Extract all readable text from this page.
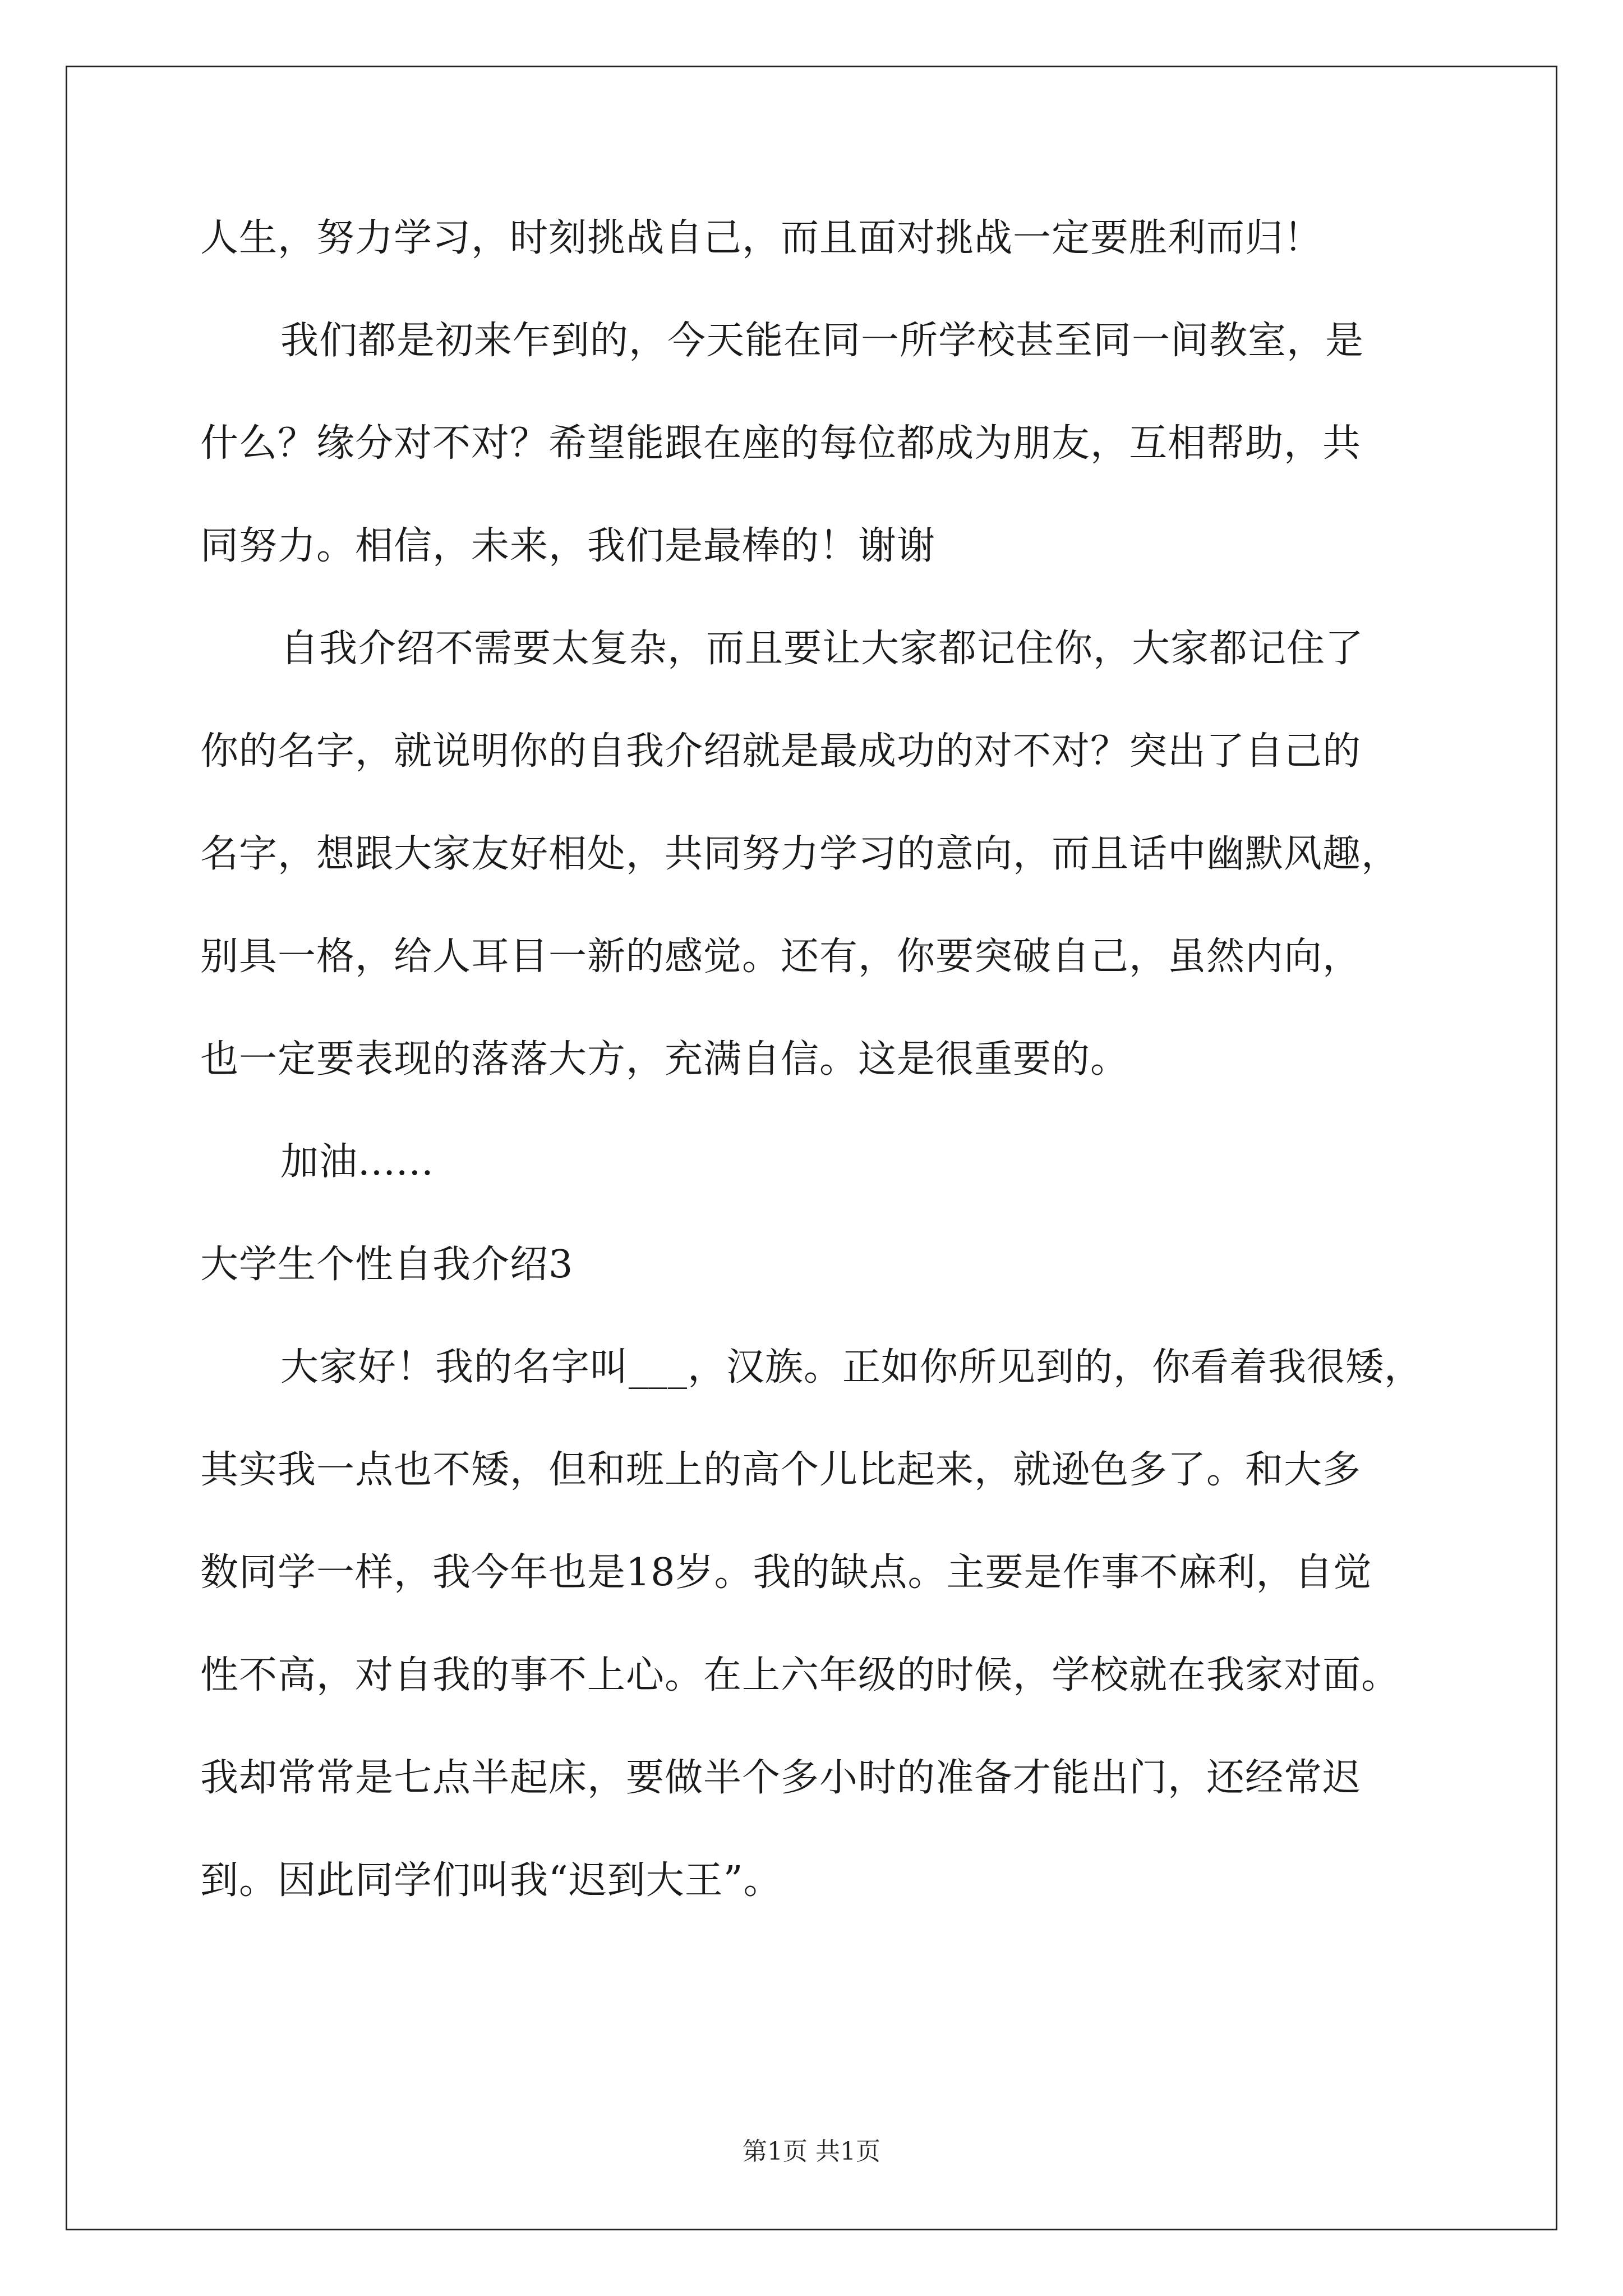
人生，努力学习，时刻挑战自己，而且面对挑战一定要胜利而归！
我们都是初来乍到的，今天能在同一所学校甚至同一间教室，是
什么？缘分对不对？希望能跟在座的每位都成为朋友，互相帮助，共
同努力。相信，未来，我们是最棒的！谢谢
自我介绍不需要太复杂，而且要让大家都记住你，大家都记住了
你的名字，就说明你的自我介绍就是最成功的对不对？突出了自己的
名字，想跟大家友好相处，共同努力学习的意向，而且话中幽默风趣，
别具一格，给人耳目一新的感觉。还有，你要突破自己，虽然内向，
也一定要表现的落落大方，充满自信。这是很重要的。
加油......
大学生个性自我介绍3
大家好！我的名字叫___，汉族。正如你所见到的，你看着我很矮，
其实我一点也不矮，但和班上的高个儿比起来，就逊色多了。和大多
数同学一样，我今年也是18岁。我的缺点。主要是作事不麻利，自觉
性不高，对自我的事不上心。在上六年级的时候，学校就在我家对面。
我却常常是七点半起床，要做半个多小时的准备才能出门，还经常迟
到。因此同学们叫我“迟到大王”。
第1页 共1页
